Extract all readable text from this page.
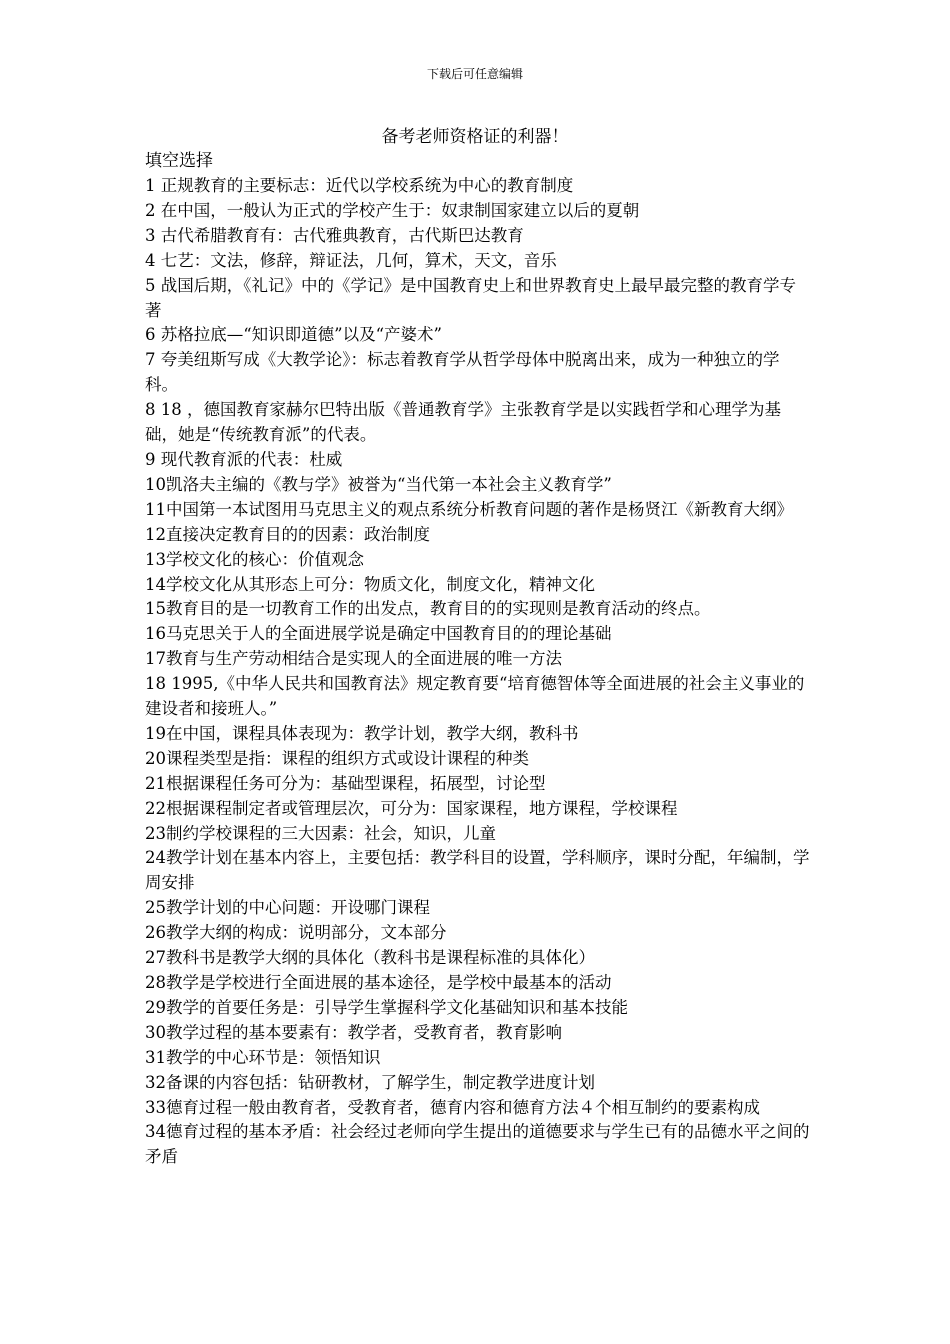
下载后可任意编辑
备考老师资格证的利器！
填空选择

1 正规教育的主要标志：近代以学校系统为中心的教育制度

2 在中国，一般认为正式的学校产生于：奴隶制国家建立以后的夏朝

3 古代希腊教育有：古代雅典教育，古代斯巴达教育

4 七艺：文法，修辞，辩证法，几何，算术，天文，音乐

5 战国后期，《礼记》中的《学记》是中国教育史上和世界教育史上最早最完整的教育学专著

6 苏格拉底—“知识即道德”以及“产婆术”

7 夸美纽斯写成《大教学论》：标志着教育学从哲学母体中脱离出来，成为一种独立的学科。

8 18 ，德国教育家赫尔巴特出版《普通教育学》主张教育学是以实践哲学和心理学为基础，她是“传统教育派”的代表。

9 现代教育派的代表：杜威

10凯洛夫主编的《教与学》被誉为“当代第一本社会主义教育学”

11中国第一本试图用马克思主义的观点系统分析教育问题的著作是杨贤江《新教育大纲》

12直接决定教育目的的因素：政治制度

13学校文化的核心：价值观念

14学校文化从其形态上可分：物质文化，制度文化，精神文化

15教育目的是一切教育工作的出发点，教育目的的实现则是教育活动的终点。

16马克思关于人的全面进展学说是确定中国教育目的的理论基础

17教育与生产劳动相结合是实现人的全面进展的唯一方法

18 1995,《中华人民共和国教育法》规定教育要“培育德智体等全面进展的社会主义事业的建设者和接班人。”

19在中国，课程具体表现为：教学计划，教学大纲，教科书

20课程类型是指：课程的组织方式或设计课程的种类

21根据课程任务可分为：基础型课程，拓展型，讨论型

22根据课程制定者或管理层次，可分为：国家课程，地方课程，学校课程

23制约学校课程的三大因素：社会，知识，儿童

24教学计划在基本内容上，主要包括：教学科目的设置，学科顺序，课时分配，年编制，学周安排

25教学计划的中心问题：开设哪门课程

26教学大纲的构成：说明部分，文本部分

27教科书是教学大纲的具体化（教科书是课程标准的具体化）

28教学是学校进行全面进展的基本途径，是学校中最基本的活动

29教学的首要任务是：引导学生掌握科学文化基础知识和基本技能

30教学过程的基本要素有：教学者，受教育者，教育影响

31教学的中心环节是：领悟知识

32备课的内容包括：钻研教材，了解学生，制定教学进度计划

33德育过程一般由教育者，受教育者，德育内容和德育方法４个相互制约的要素构成

34德育过程的基本矛盾：社会经过老师向学生提出的道德要求与学生已有的品德水平之间的矛盾
